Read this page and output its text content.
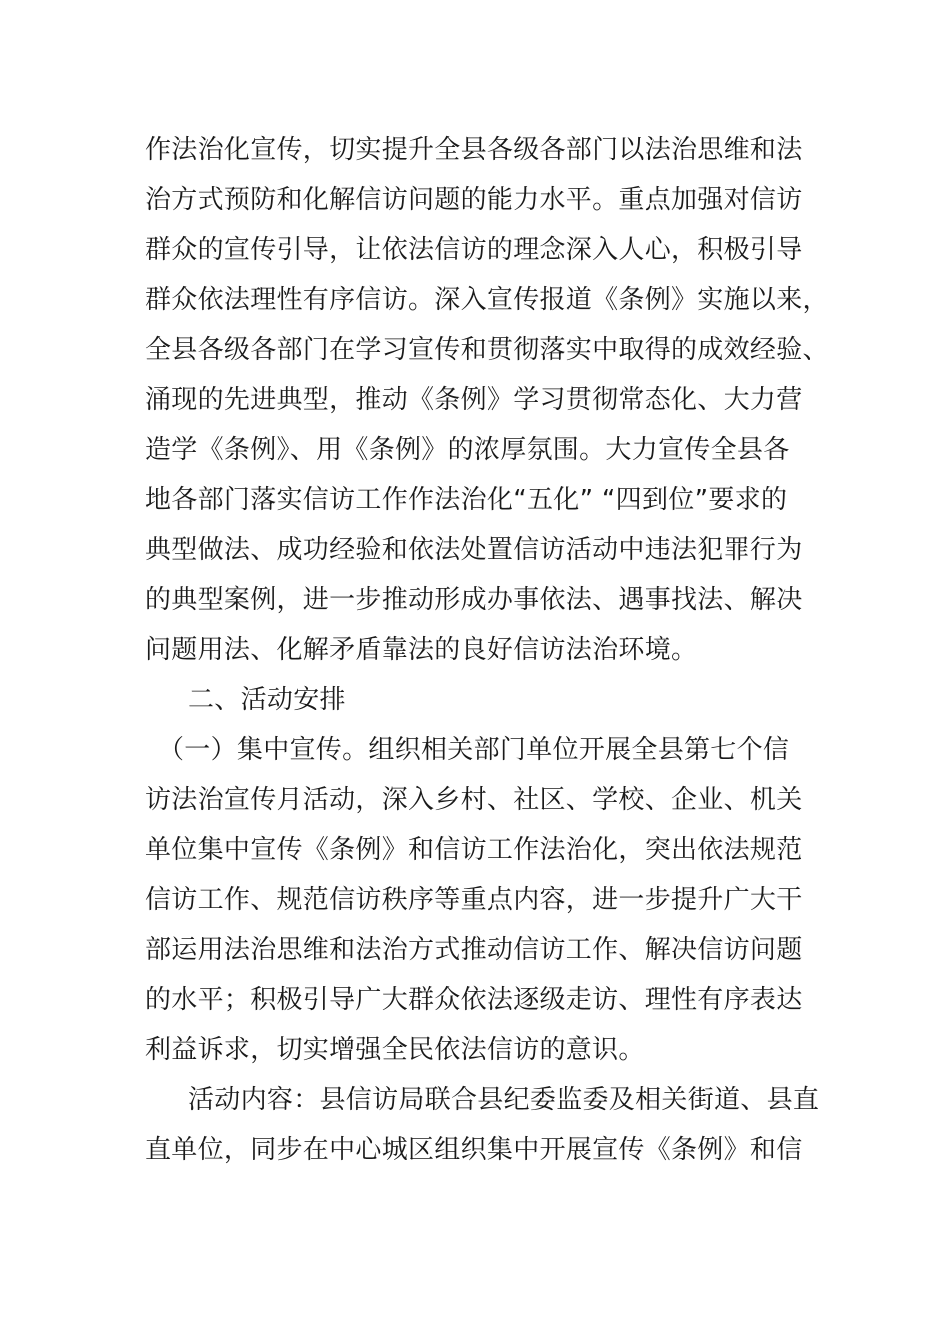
作法治化宣传，切实提升全县各级各部门以法治思维和法
治方式预防和化解信访问题的能力水平。重点加强对信访
群众的宣传引导，让依法信访的理念深入人心，积极引导
群众依法理性有序信访。深入宣传报道《条例》实施以来，
全县各级各部门在学习宣传和贯彻落实中取得的成效经验、
涌现的先进典型，推动《条例》学习贯彻常态化、大力营
造学《条例》、用《条例》的浓厚氛围。大力宣传全县各
地各部门落实信访工作作法治化“五化” “四到位”要求的
典型做法、成功经验和依法处置信访活动中违法犯罪行为
的典型案例，进一步推动形成办事依法、遇事找法、解决
问题用法、化解矛盾靠法的良好信访法治环境。
二、活动安排
（一）集中宣传。组织相关部门单位开展全县第七个信
访法治宣传月活动，深入乡村、社区、学校、企业、机关
单位集中宣传《条例》和信访工作法治化，突出依法规范
信访工作、规范信访秩序等重点内容，进一步提升广大干
部运用法治思维和法治方式推动信访工作、解决信访问题
的水平；积极引导广大群众依法逐级走访、理性有序表达
利益诉求，切实增强全民依法信访的意识。
活动内容：县信访局联合县纪委监委及相关街道、县直
直单位，同步在中心城区组织集中开展宣传《条例》和信
